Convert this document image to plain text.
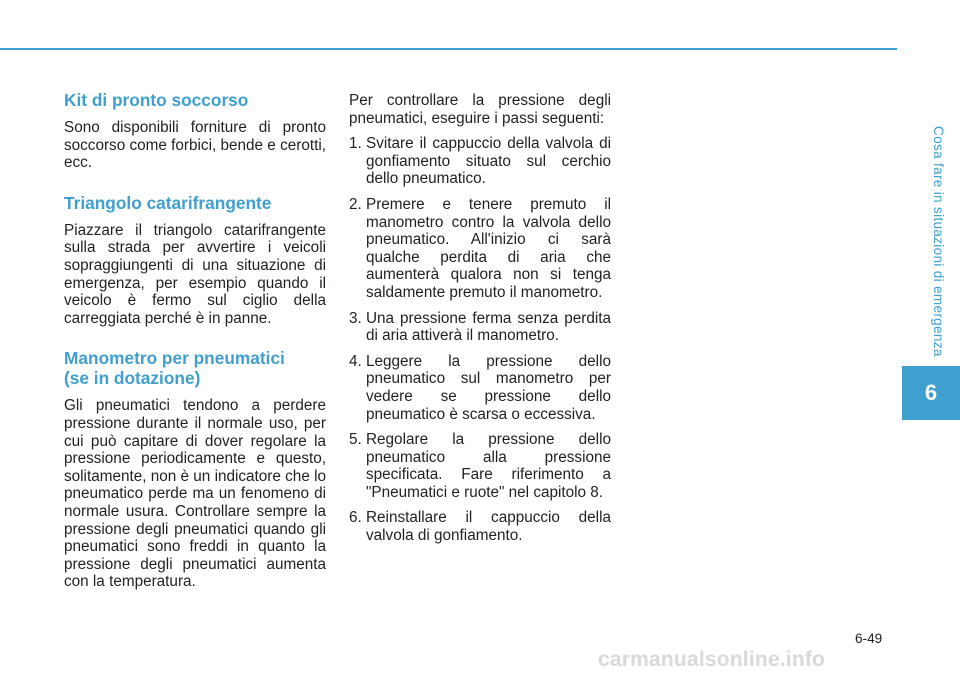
Kit di pronto soccorso

Sono disponibili forniture di pronto soccorso come forbici, bende e cerotti, ecc.

Triangolo catarifrangente

Piazzare il triangolo catarifrangente sulla strada per avvertire i veicoli sopraggiungenti di una situazione di emergenza, per esempio quando il veicolo è fermo sul ciglio della carreggiata perché è in panne.

Manometro per pneumatici
(se in dotazione)

Gli pneumatici tendono a perdere pressione durante il normale uso, per cui può capitare di dover regolare la pressione periodicamente e questo, solitamente, non è un indicatore che lo pneumatico perde ma un fenomeno di normale usura. Controllare sempre la pressione degli pneumatici quando gli pneumatici sono freddi in quanto la pressione degli pneumatici aumenta con la temperatura.

Per controllare la pressione degli pneumatici, eseguire i passi seguenti:

1. Svitare il cappuccio della valvola di gonfiamento situato sul cerchio dello pneumatico.
2. Premere e tenere premuto il manometro contro la valvola dello pneumatico. All'inizio ci sarà qualche perdita di aria che aumenterà qualora non si tenga saldamente premuto il manometro.
3. Una pressione ferma senza perdita di aria attiverà il manometro.
4. Leggere la pressione dello pneumatico sul manometro per vedere se pressione dello pneumatico è scarsa o eccessiva.
5. Regolare la pressione dello pneumatico alla pressione specificata. Fare riferimento a "Pneumatici e ruote" nel capitolo 8.
6. Reinstallare il cappuccio della valvola di gonfiamento.
Cosa fare in situazioni di emergenza
6
6-49
carmanualsonline.info
